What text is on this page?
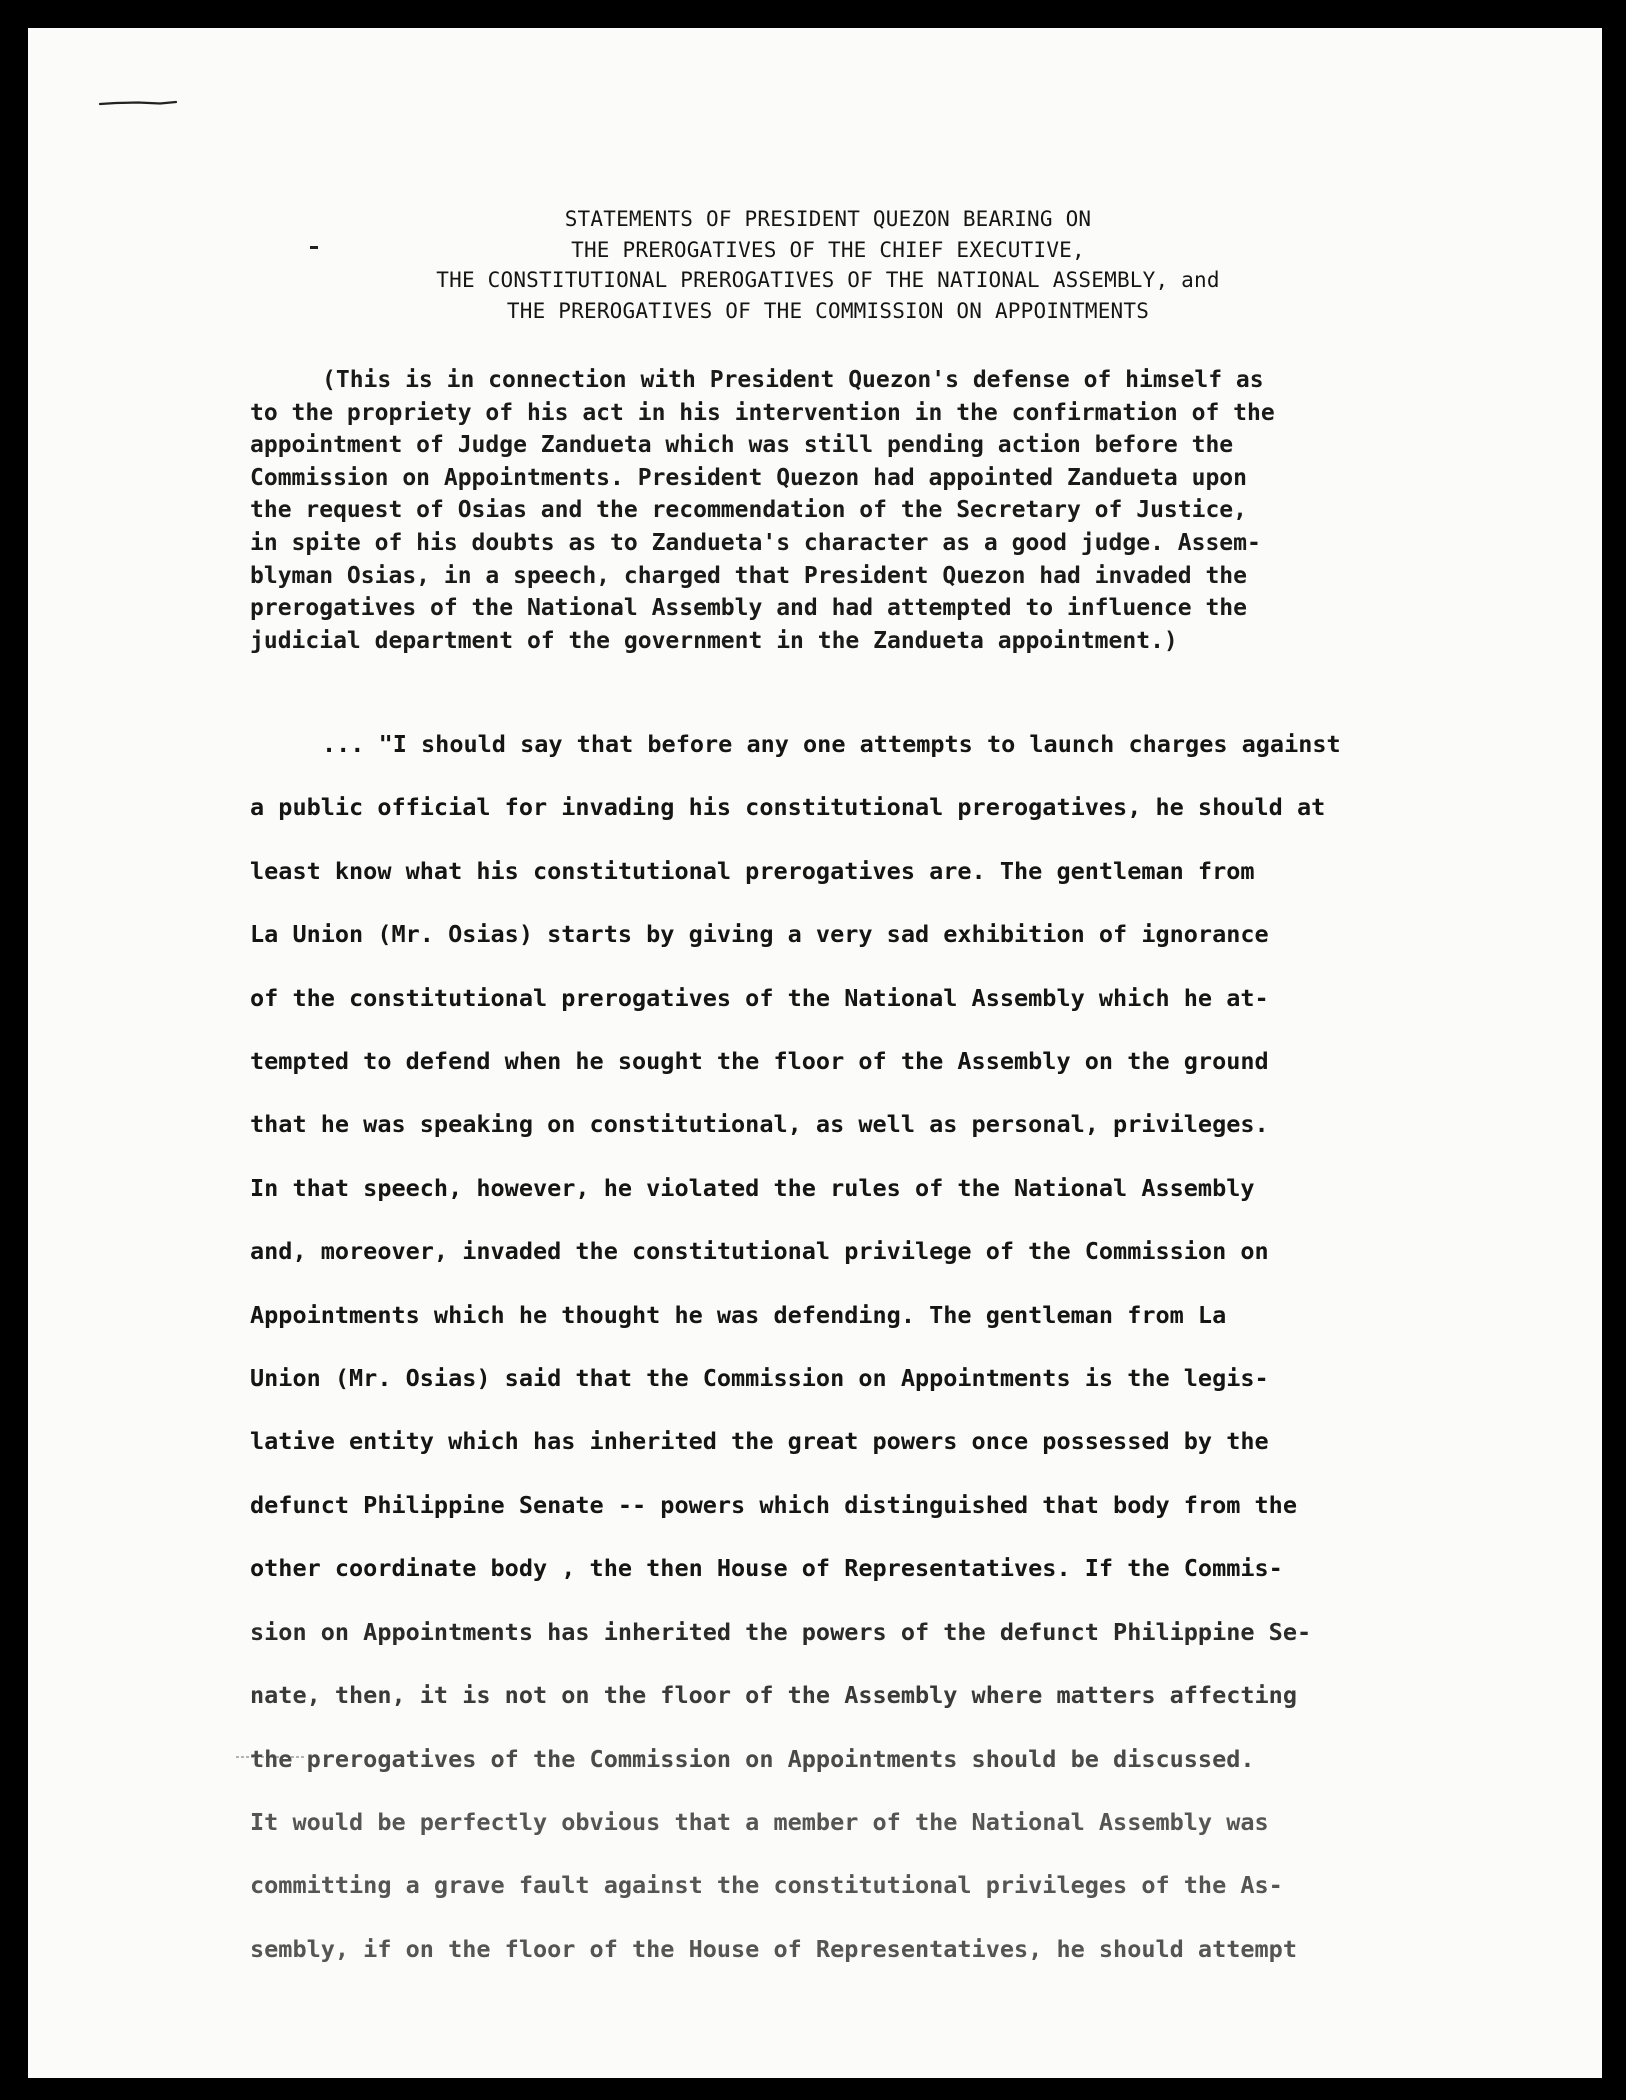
STATEMENTS OF PRESIDENT QUEZON BEARING ON
THE PREROGATIVES OF THE CHIEF EXECUTIVE,
THE CONSTITUTIONAL PREROGATIVES OF THE NATIONAL ASSEMBLY, and
THE PREROGATIVES OF THE COMMISSION ON APPOINTMENTS

(This is in connection with President Quezon's defense of himself as
to the propriety of his act in his intervention in the confirmation of the
appointment of Judge Zandueta which was still pending action before the
Commission on Appointments. President Quezon had appointed Zandueta upon
the request of Osias and the recommendation of the Secretary of Justice,
in spite of his doubts as to Zandueta's character as a good judge. Assem-
blyman Osias, in a speech, charged that President Quezon had invaded the
prerogatives of the National Assembly and had attempted to influence the
judicial department of the government in the Zandueta appointment.)

... "I should say that before any one attempts to launch charges against
a public official for invading his constitutional prerogatives, he should at
least know what his constitutional prerogatives are. The gentleman from
La Union (Mr. Osias) starts by giving a very sad exhibition of ignorance
of the constitutional prerogatives of the National Assembly which he at-
tempted to defend when he sought the floor of the Assembly on the ground
that he was speaking on constitutional, as well as personal, privileges.
In that speech, however, he violated the rules of the National Assembly
and, moreover, invaded the constitutional privilege of the Commission on
Appointments which he thought he was defending. The gentleman from La
Union (Mr. Osias) said that the Commission on Appointments is the legis-
lative entity which has inherited the great powers once possessed by the
defunct Philippine Senate -- powers which distinguished that body from the
other coordinate body , the then House of Representatives. If the Commis-
sion on Appointments has inherited the powers of the defunct Philippine Se-
nate, then, it is not on the floor of the Assembly where matters affecting
the prerogatives of the Commission on Appointments should be discussed.
It would be perfectly obvious that a member of the National Assembly was
committing a grave fault against the constitutional privileges of the As-
sembly, if on the floor of the House of Representatives, he should attempt
